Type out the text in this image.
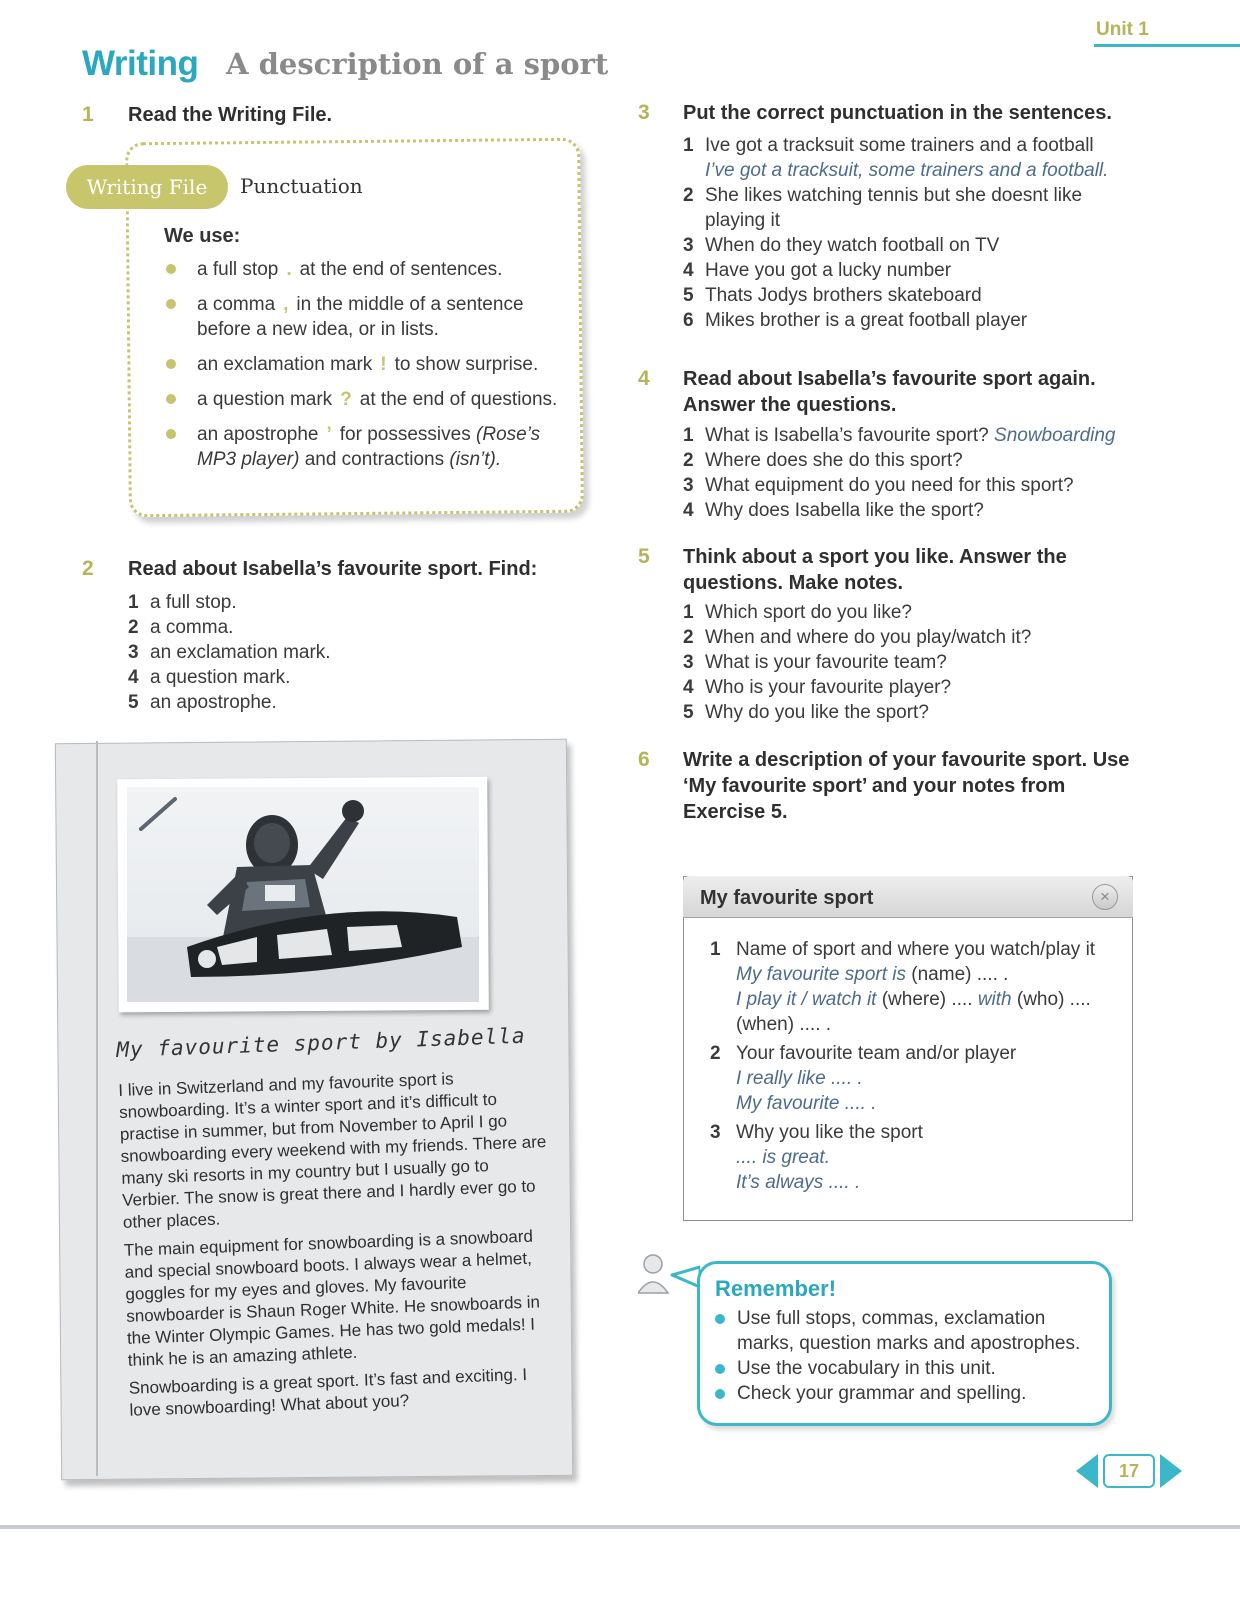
Unit 1
Writing A description of a sport
1 Read the Writing File.
Writing File	Punctuation
We use:
a full stop . at the end of sentences.
a comma , in the middle of a sentence before a new idea, or in lists.
an exclamation mark ! to show surprise.
a question mark ? at the end of questions.
an apostrophe ’ for possessives (Rose’s MP3 player) and contractions (isn’t).
2 Read about Isabella’s favourite sport. Find:
1 a full stop.
2 a comma.
3 an exclamation mark.
4 a question mark.
5 an apostrophe.
My favourite sport by Isabella

I live in Switzerland and my favourite sport is snowboarding. It’s a winter sport and it’s difficult to practise in summer, but from November to April I go snowboarding every weekend with my friends. There are many ski resorts in my country but I usually go to Verbier. The snow is great there and I hardly ever go to other places.

The main equipment for snowboarding is a snowboard and special snowboard boots. I always wear a helmet, goggles for my eyes and gloves. My favourite snowboarder is Shaun Roger White. He snowboards in the Winter Olympic Games. He has two gold medals! I think he is an amazing athlete.

Snowboarding is a great sport. It’s fast and exciting. I love snowboarding! What about you?

3 Put the correct punctuation in the sentences.
1 Ive got a tracksuit some trainers and a football
I’ve got a tracksuit, some trainers and a football.
2 She likes watching tennis but she doesnt like playing it
3 When do they watch football on TV
4 Have you got a lucky number
5 Thats Jodys brothers skateboard
6 Mikes brother is a great football player
4 Read about Isabella’s favourite sport again. Answer the questions.
1 What is Isabella’s favourite sport? Snowboarding
2 Where does she do this sport?
3 What equipment do you need for this sport?
4 Why does Isabella like the sport?
5 Think about a sport you like. Answer the questions. Make notes.
1 Which sport do you like?
2 When and where do you play/watch it?
3 What is your favourite team?
4 Who is your favourite player?
5 Why do you like the sport?
6 Write a description of your favourite sport. Use ‘My favourite sport’ and your notes from Exercise 5.
My favourite sport	×
1 Name of sport and where you watch/play it
My favourite sport is (name) .... .
I play it / watch it (where) .... with (who) ....
(when) .... .
2 Your favourite team and/or player
I really like .... .
My favourite .... .
3 Why you like the sport
.... is great.
It’s always .... .
Remember!
Use full stops, commas, exclamation marks, question marks and apostrophes.
Use the vocabulary in this unit.
Check your grammar and spelling.
17
